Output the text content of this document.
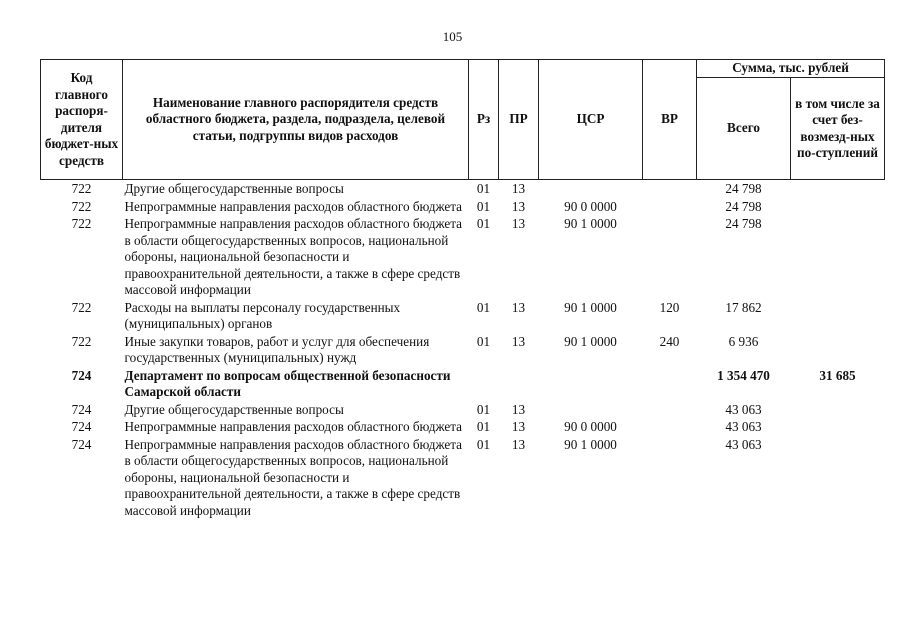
105
Код главного распоря-дителя бюджет-ных средств	Наименование главного распорядителя средств областного бюджета, раздела, подраздела, целевой статьи, подгруппы видов расходов	Рз	ПР	ЦСР	ВР	Сумма, тыс. рублей	
						Всего	в том числе за счет без-возмезд-ных по-ступлений
722	Другие общегосударственные вопросы	01	13			24 798	
722	Непрограммные направления расходов областного бюджета	01	13	90 0 0000		24 798	
722	Непрограммные направления расходов областного бюджета в области общегосударственных вопросов, национальной обороны, национальной безопасности и правоохранительной деятельности, а также в сфере средств массовой информации	01	13	90 1 0000		24 798	
722	Расходы на выплаты персоналу государственных (муниципальных) органов	01	13	90 1 0000	120	17 862	
722	Иные закупки товаров, работ и услуг для обеспечения государственных (муниципальных) нужд	01	13	90 1 0000	240	6 936	
724	Департамент по вопросам общественной безопасности Самарской области					1 354 470	31 685
724	Другие общегосударственные вопросы	01	13			43 063	
724	Непрограммные направления расходов областного бюджета	01	13	90 0 0000		43 063	
724	Непрограммные направления расходов областного бюджета в области общегосударственных вопросов, национальной обороны, национальной безопасности и правоохранительной деятельности, а также в сфере средств массовой информации	01	13	90 1 0000		43 063	
